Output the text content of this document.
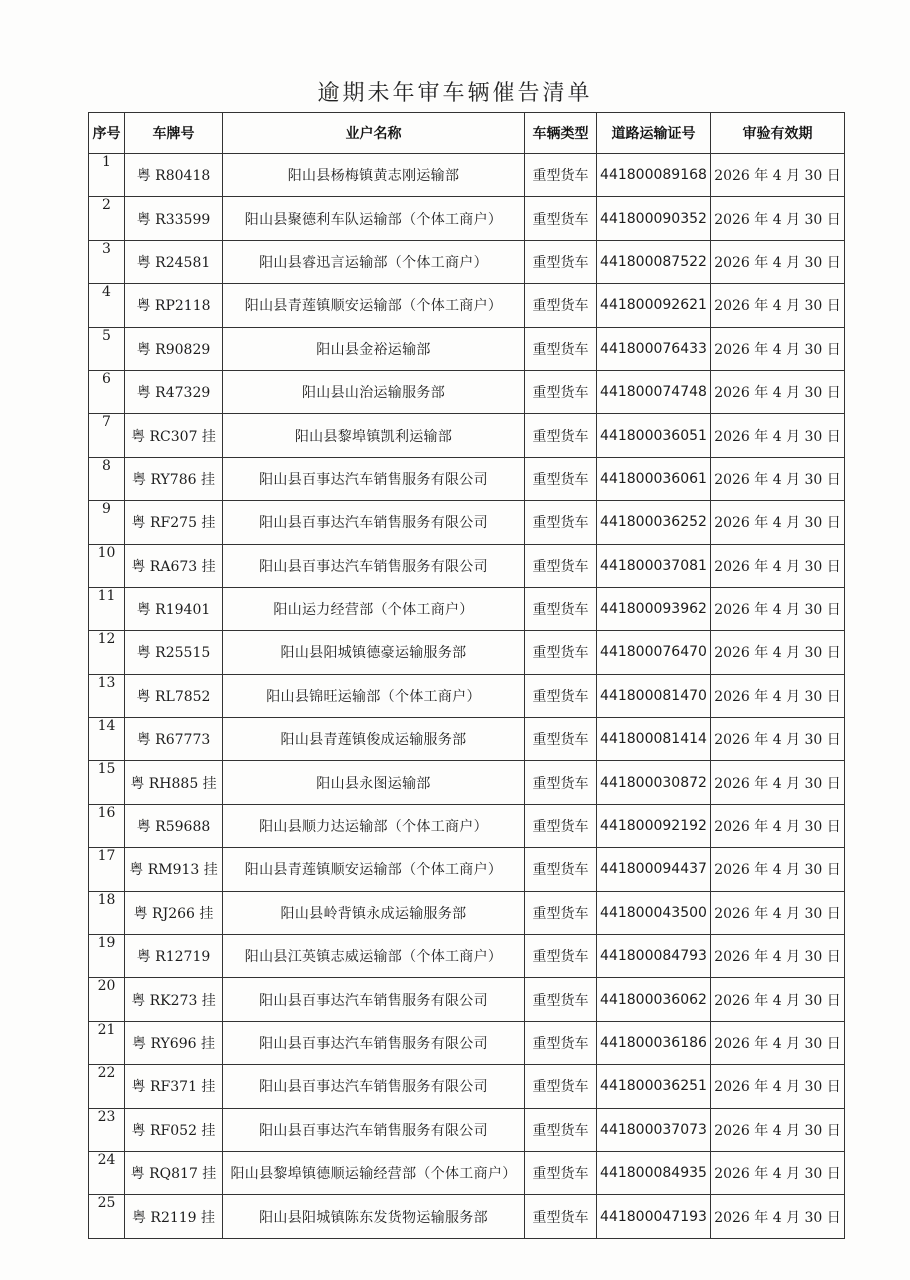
逾期未年审车辆催告清单
序号	车牌号	业户名称	车辆类型	道路运输证号	审验有效期
1	粤 R80418	阳山县杨梅镇黄志刚运输部	重型货车	441800089168	2026 年 4 月 30 日
2	粤 R33599	阳山县聚德利车队运输部（个体工商户）	重型货车	441800090352	2026 年 4 月 30 日
3	粤 R24581	阳山县睿迅言运输部（个体工商户）	重型货车	441800087522	2026 年 4 月 30 日
4	粤 RP2118	阳山县青莲镇顺安运输部（个体工商户）	重型货车	441800092621	2026 年 4 月 30 日
5	粤 R90829	阳山县金裕运输部	重型货车	441800076433	2026 年 4 月 30 日
6	粤 R47329	阳山县山治运输服务部	重型货车	441800074748	2026 年 4 月 30 日
7	粤 RC307 挂	阳山县黎埠镇凯利运输部	重型货车	441800036051	2026 年 4 月 30 日
8	粤 RY786 挂	阳山县百事达汽车销售服务有限公司	重型货车	441800036061	2026 年 4 月 30 日
9	粤 RF275 挂	阳山县百事达汽车销售服务有限公司	重型货车	441800036252	2026 年 4 月 30 日
10	粤 RA673 挂	阳山县百事达汽车销售服务有限公司	重型货车	441800037081	2026 年 4 月 30 日
11	粤 R19401	阳山运力经营部（个体工商户）	重型货车	441800093962	2026 年 4 月 30 日
12	粤 R25515	阳山县阳城镇德豪运输服务部	重型货车	441800076470	2026 年 4 月 30 日
13	粤 RL7852	阳山县锦旺运输部（个体工商户）	重型货车	441800081470	2026 年 4 月 30 日
14	粤 R67773	阳山县青莲镇俊成运输服务部	重型货车	441800081414	2026 年 4 月 30 日
15	粤 RH885 挂	阳山县永图运输部	重型货车	441800030872	2026 年 4 月 30 日
16	粤 R59688	阳山县顺力达运输部（个体工商户）	重型货车	441800092192	2026 年 4 月 30 日
17	粤 RM913 挂	阳山县青莲镇顺安运输部（个体工商户）	重型货车	441800094437	2026 年 4 月 30 日
18	粤 RJ266 挂	阳山县岭背镇永成运输服务部	重型货车	441800043500	2026 年 4 月 30 日
19	粤 R12719	阳山县江英镇志威运输部（个体工商户）	重型货车	441800084793	2026 年 4 月 30 日
20	粤 RK273 挂	阳山县百事达汽车销售服务有限公司	重型货车	441800036062	2026 年 4 月 30 日
21	粤 RY696 挂	阳山县百事达汽车销售服务有限公司	重型货车	441800036186	2026 年 4 月 30 日
22	粤 RF371 挂	阳山县百事达汽车销售服务有限公司	重型货车	441800036251	2026 年 4 月 30 日
23	粤 RF052 挂	阳山县百事达汽车销售服务有限公司	重型货车	441800037073	2026 年 4 月 30 日
24	粤 RQ817 挂	阳山县黎埠镇德顺运输经营部（个体工商户）	重型货车	441800084935	2026 年 4 月 30 日
25	粤 R2119 挂	阳山县阳城镇陈东发货物运输服务部	重型货车	441800047193	2026 年 4 月 30 日
